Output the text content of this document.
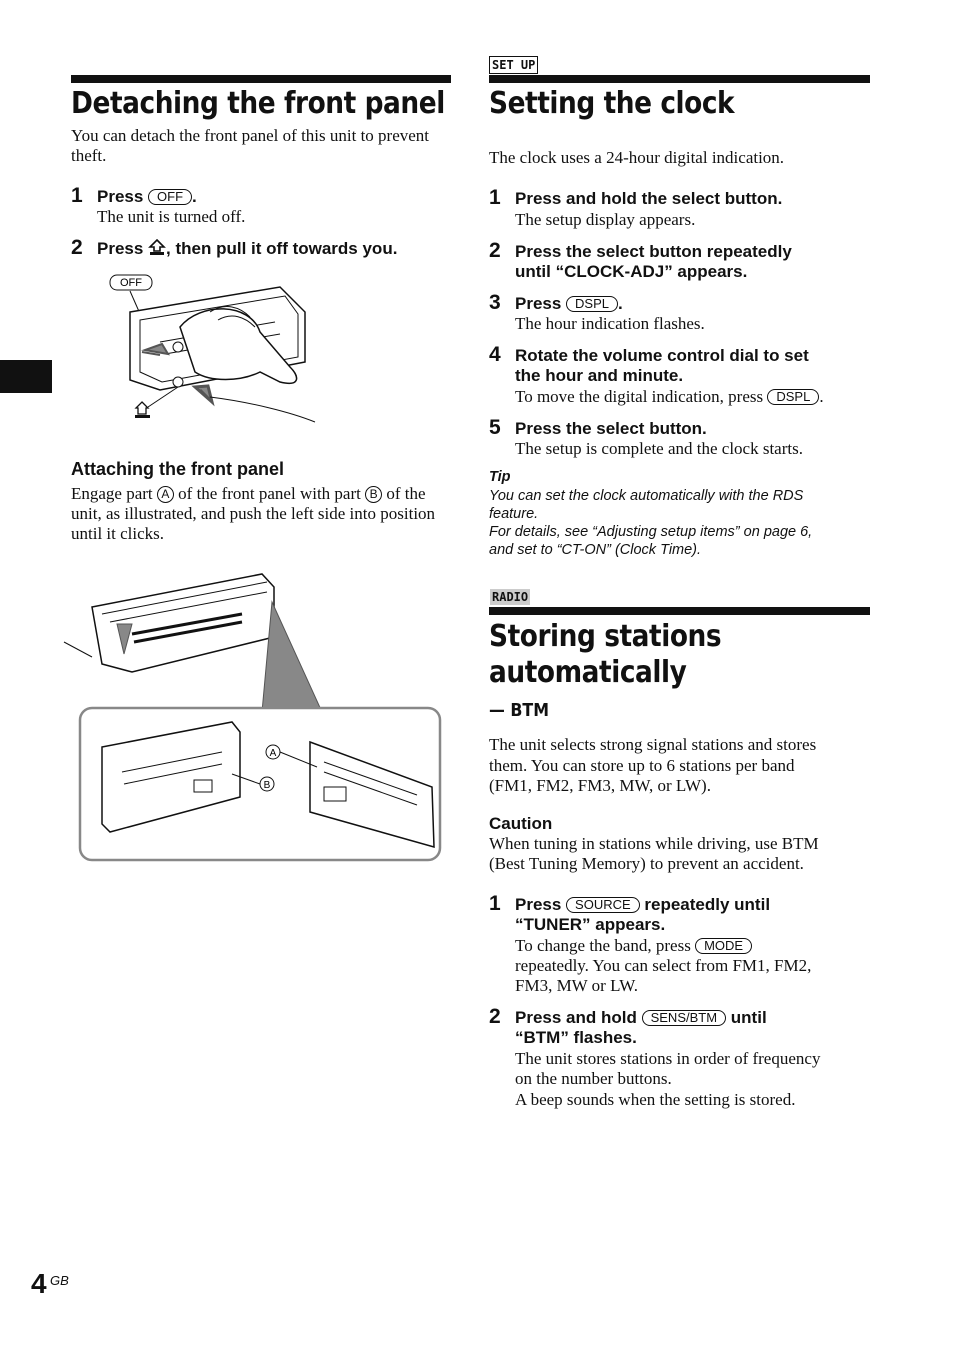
Detaching the front panel
You can detach the front panel of this unit to prevent theft.
1 Press OFF .
The unit is turned off.
2 Press , then pull it off towards you.
OFF
Attaching the front panel
Engage part A of the front panel with part B of the unit, as illustrated, and push the left side into position until it clicks.
A
B
SET UP
Setting the clock
The clock uses a 24-hour digital indication.
1 Press and hold the select button.
The setup display appears.
2 Press the select button repeatedly
until “CLOCK-ADJ” appears.
3 Press DSPL .
The hour indication flashes.
4 Rotate the volume control dial to set
the hour and minute.
To move the digital indication, press DSPL .
5 Press the select button.
The setup is complete and the clock starts.
Tip
You can set the clock automatically with the RDS
feature.
For details, see “Adjusting setup items” on page 6,
and set to “CT-ON” (Clock Time).
RADIO
Storing stations
automatically
— BTM
The unit selects strong signal stations and stores
them. You can store up to 6 stations per band
(FM1, FM2, FM3, MW, or LW).
Caution
When tuning in stations while driving, use BTM
(Best Tuning Memory) to prevent an accident.
1 Press SOURCE repeatedly until
“TUNER” appears.
To change the band, press MODE
repeatedly. You can select from FM1, FM2,
FM3, MW or LW.
2 Press and hold SENS/BTM until
“BTM” flashes.
The unit stores stations in order of frequency
on the number buttons.
A beep sounds when the setting is stored.
4 GB
